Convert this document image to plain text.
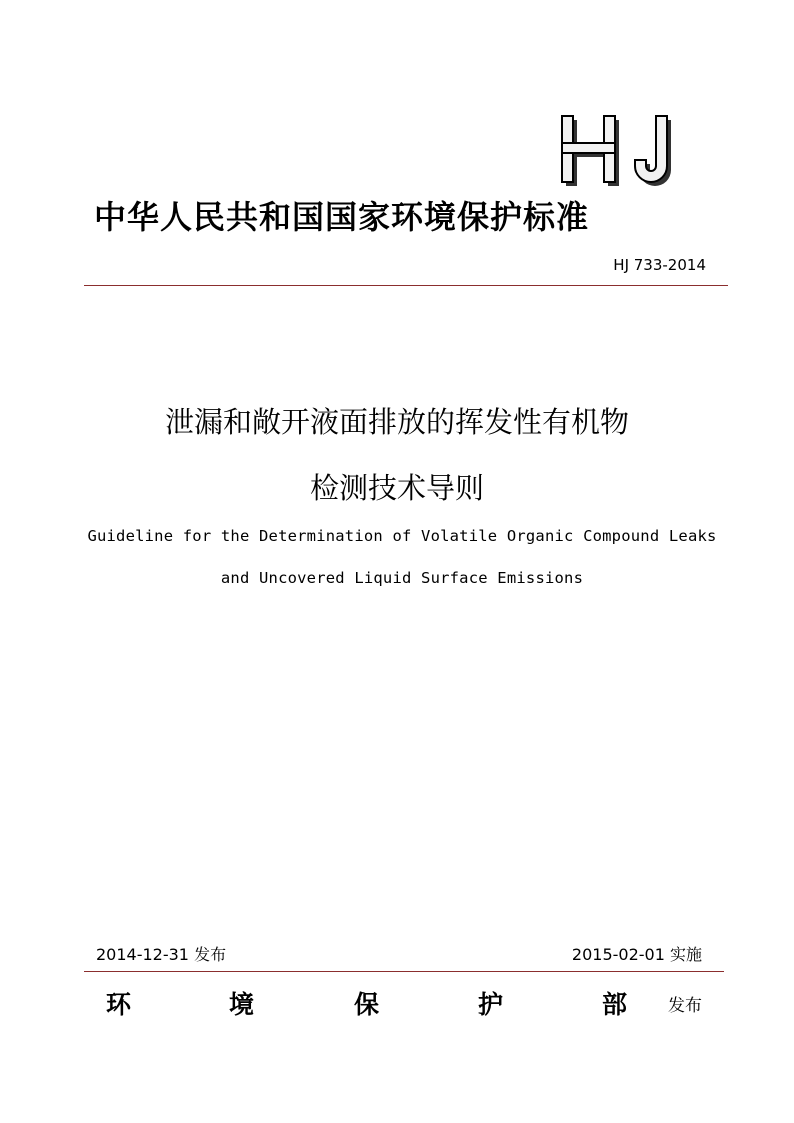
中华人民共和国国家环境保护标准
HJ 733-2014
泄漏和敞开液面排放的挥发性有机物
检测技术导则
Guideline for the Determination of Volatile Organic Compound Leaks
and Uncovered Liquid Surface Emissions
2014-12-31 发布	2015-02-01 实施
环	境	保	护	部 发布
